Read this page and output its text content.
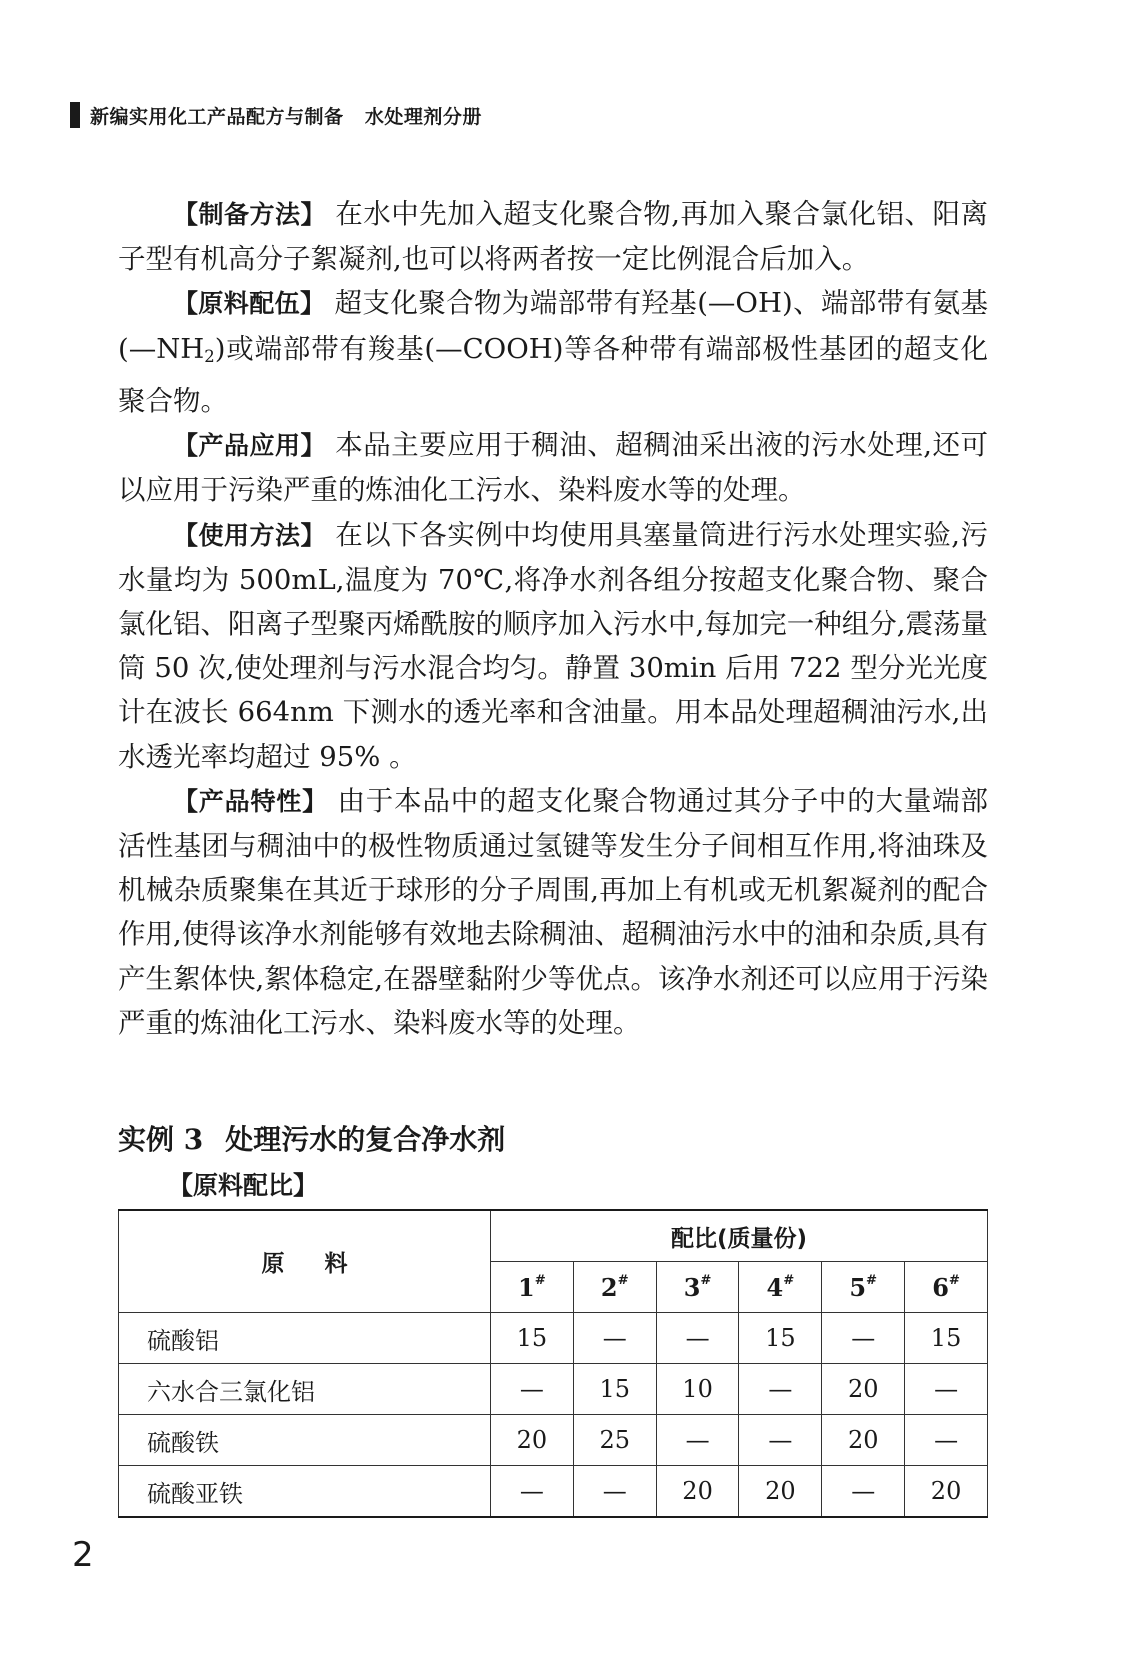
新编实用化工产品配方与制备
水处理剂分册

【制备方法】 在水中先加入超支化聚合物,再加入聚合氯化铝、阳离子型有机高分子絮凝剂,也可以将两者按一定比例混合后加入。

【原料配伍】 超支化聚合物为端部带有羟基(—OH)、端部带有氨基$(—NH_2)$或端部带有羧基(—COOH)等各种带有端部极性基团的超支化聚合物。

【产品应用】 本品主要应用于稠油、超稠油采出液的污水处理,还可以应用于污染严重的炼油化工污水、染料废水等的处理。

【使用方法】 在以下各实例中均使用具塞量筒进行污水处理实验,污水量均为 500mL,温度为 70℃,将净水剂各组分按超支化聚合物、聚合氯化铝、阳离子型聚丙烯酰胺的顺序加入污水中,每加完一种组分,震荡量筒 50 次,使处理剂与污水混合均匀。静置 30min 后用 722 型分光光度计在波长 664nm 下测水的透光率和含油量。用本品处理超稠油污水,出水透光率均超过 95% 。

【产品特性】 由于本品中的超支化聚合物通过其分子中的大量端部活性基团与稠油中的极性物质通过氢键等发生分子间相互作用,将油珠及机械杂质聚集在其近于球形的分子周围,再加上有机或无机絮凝剂的配合作用,使得该净水剂能够有效地去除稠油、超稠油污水中的油和杂质,具有产生絮体快,絮体稳定,在器壁黏附少等优点。该净水剂还可以应用于污染严重的炼油化工污水、染料废水等的处理。

实例 3 处理污水的复合净水剂
【原料配比】
原料	配比(质量份)					
	1#	2#	3#	4#	5#	6#
硫酸铝	15	—	—	15	—	15
六水合三氯化铝	—	15	10	—	20	—
硫酸铁	20	25	—	—	20	—
硫酸亚铁	—	—	20	20	—	20
2
